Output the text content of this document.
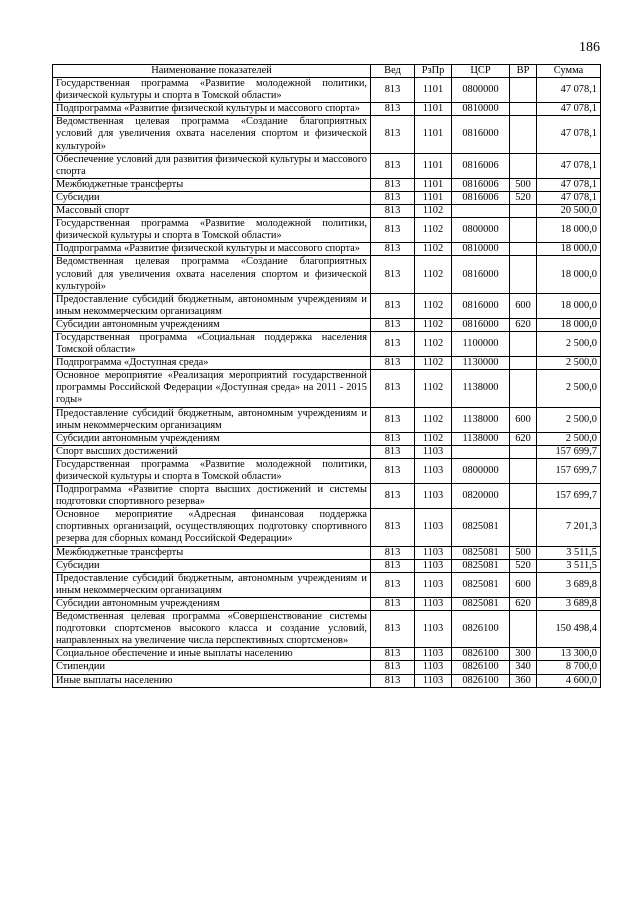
186
Наименование показателей	Вед	РзПр	ЦСР	ВР	Сумма
Государственная программа «Развитие молодежной политики, физической культуры и спорта в Томской области»	813	1101	0800000		47 078,1
Подпрограмма «Развитие физической культуры и массового спорта»	813	1101	0810000		47 078,1
Ведомственная целевая программа «Создание благоприятных условий для увеличения охвата населения спортом и физической культурой»	813	1101	0816000		47 078,1
Обеспечение условий для развития физической культуры и массового спорта	813	1101	0816006		47 078,1
Межбюджетные трансферты	813	1101	0816006	500	47 078,1
Субсидии	813	1101	0816006	520	47 078,1
Массовый спорт	813	1102			20 500,0
Государственная программа «Развитие молодежной политики, физической культуры и спорта в Томской области»	813	1102	0800000		18 000,0
Подпрограмма «Развитие физической культуры и массового спорта»	813	1102	0810000		18 000,0
Ведомственная целевая программа «Создание благоприятных условий для увеличения охвата населения спортом и физической культурой»	813	1102	0816000		18 000,0
Предоставление субсидий бюджетным, автономным учреждениям и иным некоммерческим организациям	813	1102	0816000	600	18 000,0
Субсидии автономным учреждениям	813	1102	0816000	620	18 000,0
Государственная программа «Социальная поддержка населения Томской области»	813	1102	1100000		2 500,0
Подпрограмма «Доступная среда»	813	1102	1130000		2 500,0
Основное мероприятие «Реализация мероприятий государственной программы Российской Федерации «Доступная среда» на 2011 - 2015 годы»	813	1102	1138000		2 500,0
Предоставление субсидий бюджетным, автономным учреждениям и иным некоммерческим организациям	813	1102	1138000	600	2 500,0
Субсидии автономным учреждениям	813	1102	1138000	620	2 500,0
Спорт высших достижений	813	1103			157 699,7
Государственная программа «Развитие молодежной политики, физической культуры и спорта в Томской области»	813	1103	0800000		157 699,7
Подпрограмма «Развитие спорта высших достижений и системы подготовки спортивного резерва»	813	1103	0820000		157 699,7
Основное мероприятие «Адресная финансовая поддержка спортивных организаций, осуществляющих подготовку спортивного резерва для сборных команд Российской Федерации»	813	1103	0825081		7 201,3
Межбюджетные трансферты	813	1103	0825081	500	3 511,5
Субсидии	813	1103	0825081	520	3 511,5
Предоставление субсидий бюджетным, автономным учреждениям и иным некоммерческим организациям	813	1103	0825081	600	3 689,8
Субсидии автономным учреждениям	813	1103	0825081	620	3 689,8
Ведомственная целевая программа «Совершенствование системы подготовки спортсменов высокого класса и создание условий, направленных на увеличение числа перспективных спортсменов»	813	1103	0826100		150 498,4
Социальное обеспечение и иные выплаты населению	813	1103	0826100	300	13 300,0
Стипендии	813	1103	0826100	340	8 700,0
Иные выплаты населению	813	1103	0826100	360	4 600,0
